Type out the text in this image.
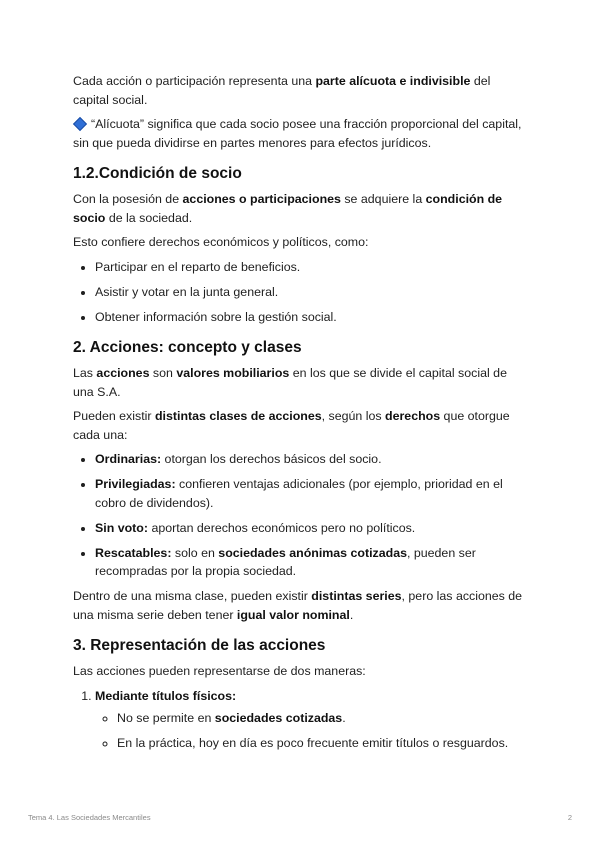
Cada acción o participación representa una parte alícuota e indivisible del capital social.

“Alícuota” significa que cada socio posee una fracción proporcional del capital, sin que pueda dividirse en partes menores para efectos jurídicos.

1.2.Condición de socio

Con la posesión de acciones o participaciones se adquiere la condición de socio de la sociedad.

Esto confiere derechos económicos y políticos, como:

• Participar en el reparto de beneficios.
• Asistir y votar en la junta general.
• Obtener información sobre la gestión social.
2. Acciones: concepto y clases

Las acciones son valores mobiliarios en los que se divide el capital social de una S.A.

Pueden existir distintas clases de acciones, según los derechos que otorgue cada una:

• Ordinarias: otorgan los derechos básicos del socio.
• Privilegiadas: confieren ventajas adicionales (por ejemplo, prioridad en el cobro de dividendos).
• Sin voto: aportan derechos económicos pero no políticos.
• Rescatables: solo en sociedades anónimas cotizadas, pueden ser recompradas por la propia sociedad.

Dentro de una misma clase, pueden existir distintas series, pero las acciones de una misma serie deben tener igual valor nominal.

3. Representación de las acciones

Las acciones pueden representarse de dos maneras:

1. Mediante títulos físicos:
◦ No se permite en sociedades cotizadas.
◦ En la práctica, hoy en día es poco frecuente emitir títulos o resguardos.
Tema 4. Las Sociedades Mercantiles	2
